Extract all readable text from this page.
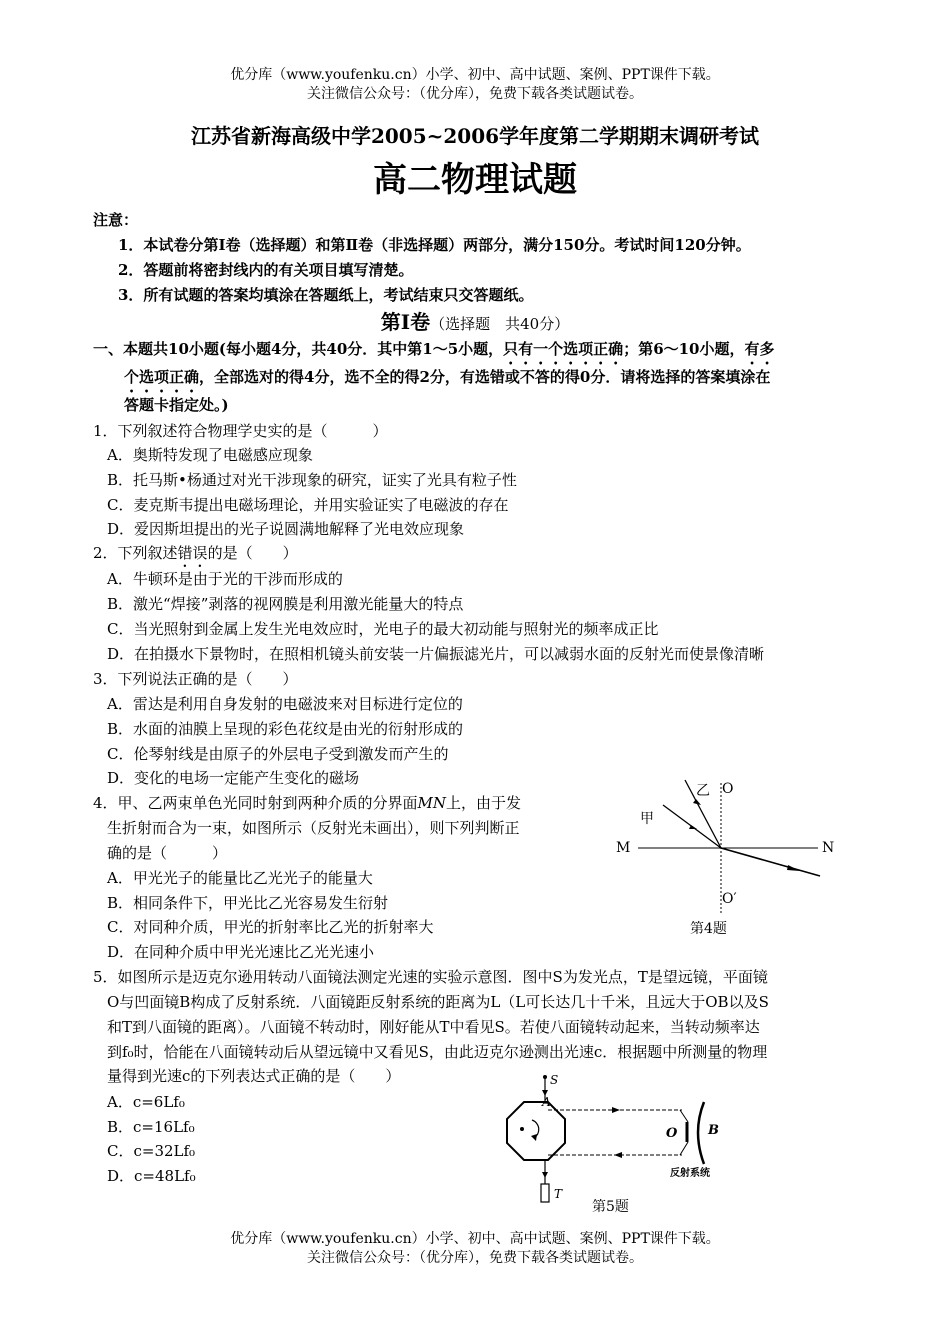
优分库（www.youfenku.cn）小学、初中、高中试题、案例、PPT课件下载。
关注微信公众号：（优分库），免费下载各类试题试卷。
江苏省新海高级中学2005~2006学年度第二学期期末调研考试
高二物理试题
注意：
1．本试卷分第Ⅰ卷（选择题）和第Ⅱ卷（非选择题）两部分，满分150分。考试时间120分钟。
2．答题前将密封线内的有关项目填写清楚。
3．所有试题的答案均填涂在答题纸上，考试结束只交答题纸。
第Ⅰ卷（选择题　共40分）
一、本题共10小题(每小题4分，共40分．其中第1～5小题，只有一个选项正确；第6～10小题，有多
个选项正确，全部选对的得4分，选不全的得2分，有选错或不答的得0分．请将选择的答案填涂在
答题卡指定处。)
1．下列叙述符合物理学史实的是（　　　）
A．奥斯特发现了电磁感应现象
B．托马斯•杨通过对光干涉现象的研究，证实了光具有粒子性
C．麦克斯韦提出电磁场理论，并用实验证实了电磁波的存在
D．爱因斯坦提出的光子说圆满地解释了光电效应现象
2．下列叙述错误的是（　　）
A．牛顿环是由于光的干涉而形成的
B．激光“焊接”剥落的视网膜是利用激光能量大的特点
C．当光照射到金属上发生光电效应时，光电子的最大初动能与照射光的频率成正比
D．在拍摄水下景物时，在照相机镜头前安装一片偏振滤光片，可以减弱水面的反射光而使景像清晰
3．下列说法正确的是（　　）
A．雷达是利用自身发射的电磁波来对目标进行定位的
B．水面的油膜上呈现的彩色花纹是由光的衍射形成的
C．伦琴射线是由原子的外层电子受到激发而产生的
D．变化的电场一定能产生变化的磁场
4．甲、乙两束单色光同时射到两种介质的分界面MN上，由于发
生折射而合为一束，如图所示（反射光未画出），则下列判断正
确的是（　　　）
A．甲光光子的能量比乙光光子的能量大
B．相同条件下，甲光比乙光容易发生衍射
C．对同种介质，甲光的折射率比乙光的折射率大
D．在同种介质中甲光光速比乙光光速小
乙
甲
O
O′
M	N
第4题
5．如图所示是迈克尔逊用转动八面镜法测定光速的实验示意图．图中S为发光点，T是望远镜，平面镜
O与凹面镜B构成了反射系统．八面镜距反射系统的距离为L（L可长达几十千米，且远大于OB以及S
和T到八面镜的距离）。八面镜不转动时，刚好能从T中看见S。若使八面镜转动起来，当转动频率达
到f₀时，恰能在八面镜转动后从望远镜中又看见S，由此迈克尔逊测出光速c．根据题中所测量的物理
量得到光速c的下列表达式正确的是（　　）
A．c=6Lf₀
B．c=16Lf₀
C．c=32Lf₀
D．c=48Lf₀
S
A
O B
T
反射系统
第5题
优分库（www.youfenku.cn）小学、初中、高中试题、案例、PPT课件下载。
关注微信公众号：（优分库），免费下载各类试题试卷。
